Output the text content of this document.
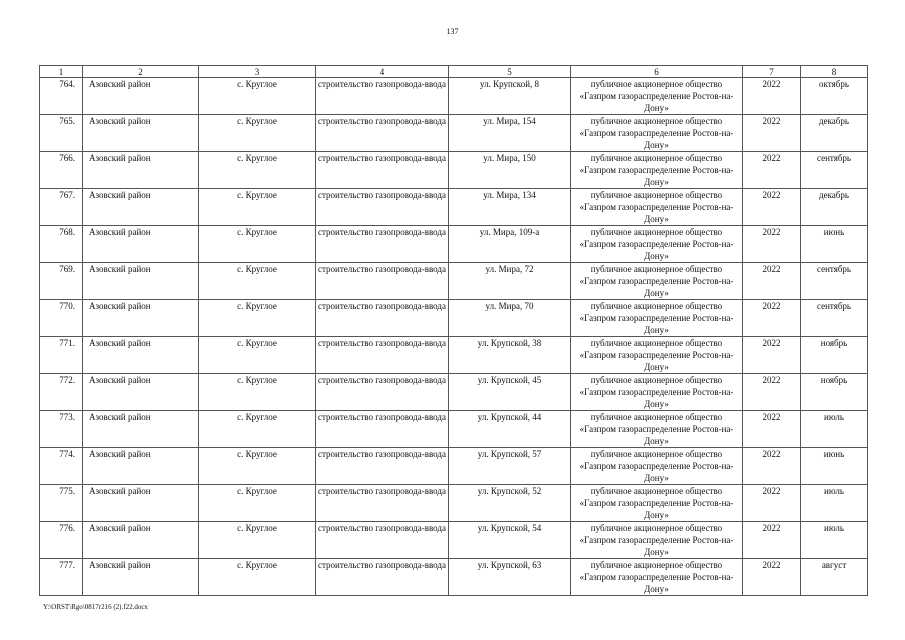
137
1	2	3	4	5	6	7	8
764.	Азовский район	с. Круглое	строительство газопровода-ввода	ул. Крупской, 8	публичное акционерное общество «Газпром газораспределение Ростов-на-Дону»	2022	октябрь
765.	Азовский район	с. Круглое	строительство газопровода-ввода	ул. Мира, 154	публичное акционерное общество «Газпром газораспределение Ростов-на-Дону»	2022	декабрь
766.	Азовский район	с. Круглое	строительство газопровода-ввода	ул. Мира, 150	публичное акционерное общество «Газпром газораспределение Ростов-на-Дону»	2022	сентябрь
767.	Азовский район	с. Круглое	строительство газопровода-ввода	ул. Мира, 134	публичное акционерное общество «Газпром газораспределение Ростов-на-Дону»	2022	декабрь
768.	Азовский район	с. Круглое	строительство газопровода-ввода	ул. Мира, 109-а	публичное акционерное общество «Газпром газораспределение Ростов-на-Дону»	2022	июнь
769.	Азовский район	с. Круглое	строительство газопровода-ввода	ул. Мира, 72	публичное акционерное общество «Газпром газораспределение Ростов-на-Дону»	2022	сентябрь
770.	Азовский район	с. Круглое	строительство газопровода-ввода	ул. Мира, 70	публичное акционерное общество «Газпром газораспределение Ростов-на-Дону»	2022	сентябрь
771.	Азовский район	с. Круглое	строительство газопровода-ввода	ул. Крупской, 38	публичное акционерное общество «Газпром газораспределение Ростов-на-Дону»	2022	ноябрь
772.	Азовский район	с. Круглое	строительство газопровода-ввода	ул. Крупской, 45	публичное акционерное общество «Газпром газораспределение Ростов-на-Дону»	2022	ноябрь
773.	Азовский район	с. Круглое	строительство газопровода-ввода	ул. Крупской, 44	публичное акционерное общество «Газпром газораспределение Ростов-на-Дону»	2022	июль
774.	Азовский район	с. Круглое	строительство газопровода-ввода	ул. Крупской, 57	публичное акционерное общество «Газпром газораспределение Ростов-на-Дону»	2022	июнь
775.	Азовский район	с. Круглое	строительство газопровода-ввода	ул. Крупской, 52	публичное акционерное общество «Газпром газораспределение Ростов-на-Дону»	2022	июль
776.	Азовский район	с. Круглое	строительство газопровода-ввода	ул. Крупской, 54	публичное акционерное общество «Газпром газораспределение Ростов-на-Дону»	2022	июль
777.	Азовский район	с. Круглое	строительство газопровода-ввода	ул. Крупской, 63	публичное акционерное общество «Газпром газораспределение Ростов-на-Дону»	2022	август
Y:\ORST\Rgo\0817r216 (2).f22.docx
